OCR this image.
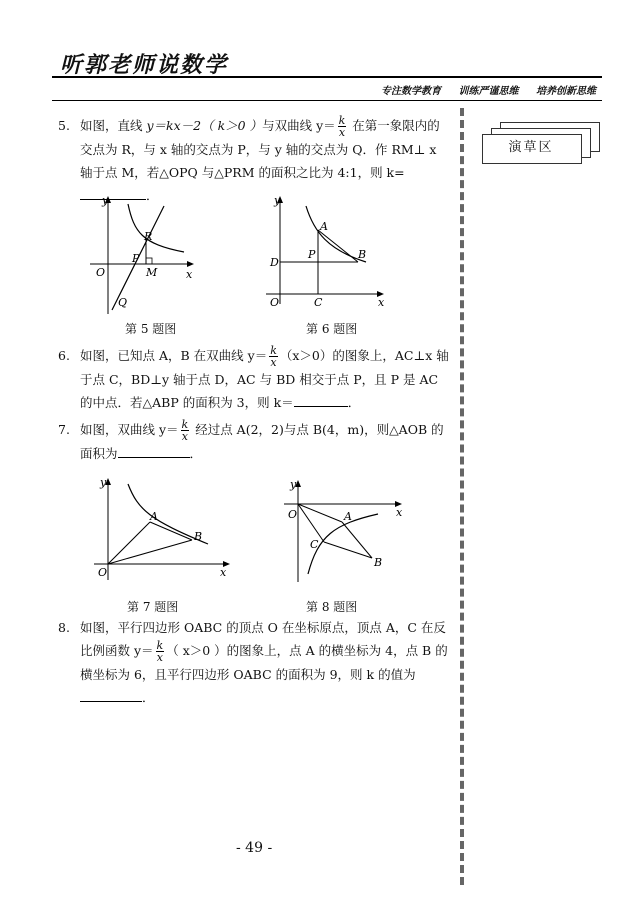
听郭老师说数学
专注数学教育 训练严谨思维 培养创新思维
演草区
5. 如图，直线 y＝kx－2（ k＞0 ）与双曲线 $y= \frac{k}{x}$ 在第一象限内的交点为 R，与 x 轴的交点为 P，与 y 轴的交点为 Q．作 RM⊥ x 轴于点 M，若△OPQ 与△PRM 的面积之比为 4:1，则 k=．
y
x
O
R
P
M
Q
第 5 题图
y
x
O
A
B
P
D
C
第 6 题图
6. 如图，已知点 A，B 在双曲线 $y= \frac{k}{x} (x>0)$的图象上，AC⊥x 轴于点 C，BD⊥y 轴于点 D，AC 与 BD 相交于点 P，且 P 是 AC 的中点．若△ABP 的面积为 3，则 k＝	．
7. 如图，双曲线 $y= \frac{k}{x}$ 经过点 A(2，2)与点 B(4，m)，则△AOB 的面积为	．
y
x
O
A
B
第 7 题图
y
x
O	A
B
C
第 8 题图
8. 如图，平行四边形 OABC 的顶点 O 在坐标原点，顶点 A，C 在反比例函数 $y= \frac{k}{x}$ （ x＞0 ）的图象上，点 A 的横坐标为 4，点 B 的横坐标为 6，且平行四边形 OABC 的面积为 9，则 k 的值为．
- 49 -
